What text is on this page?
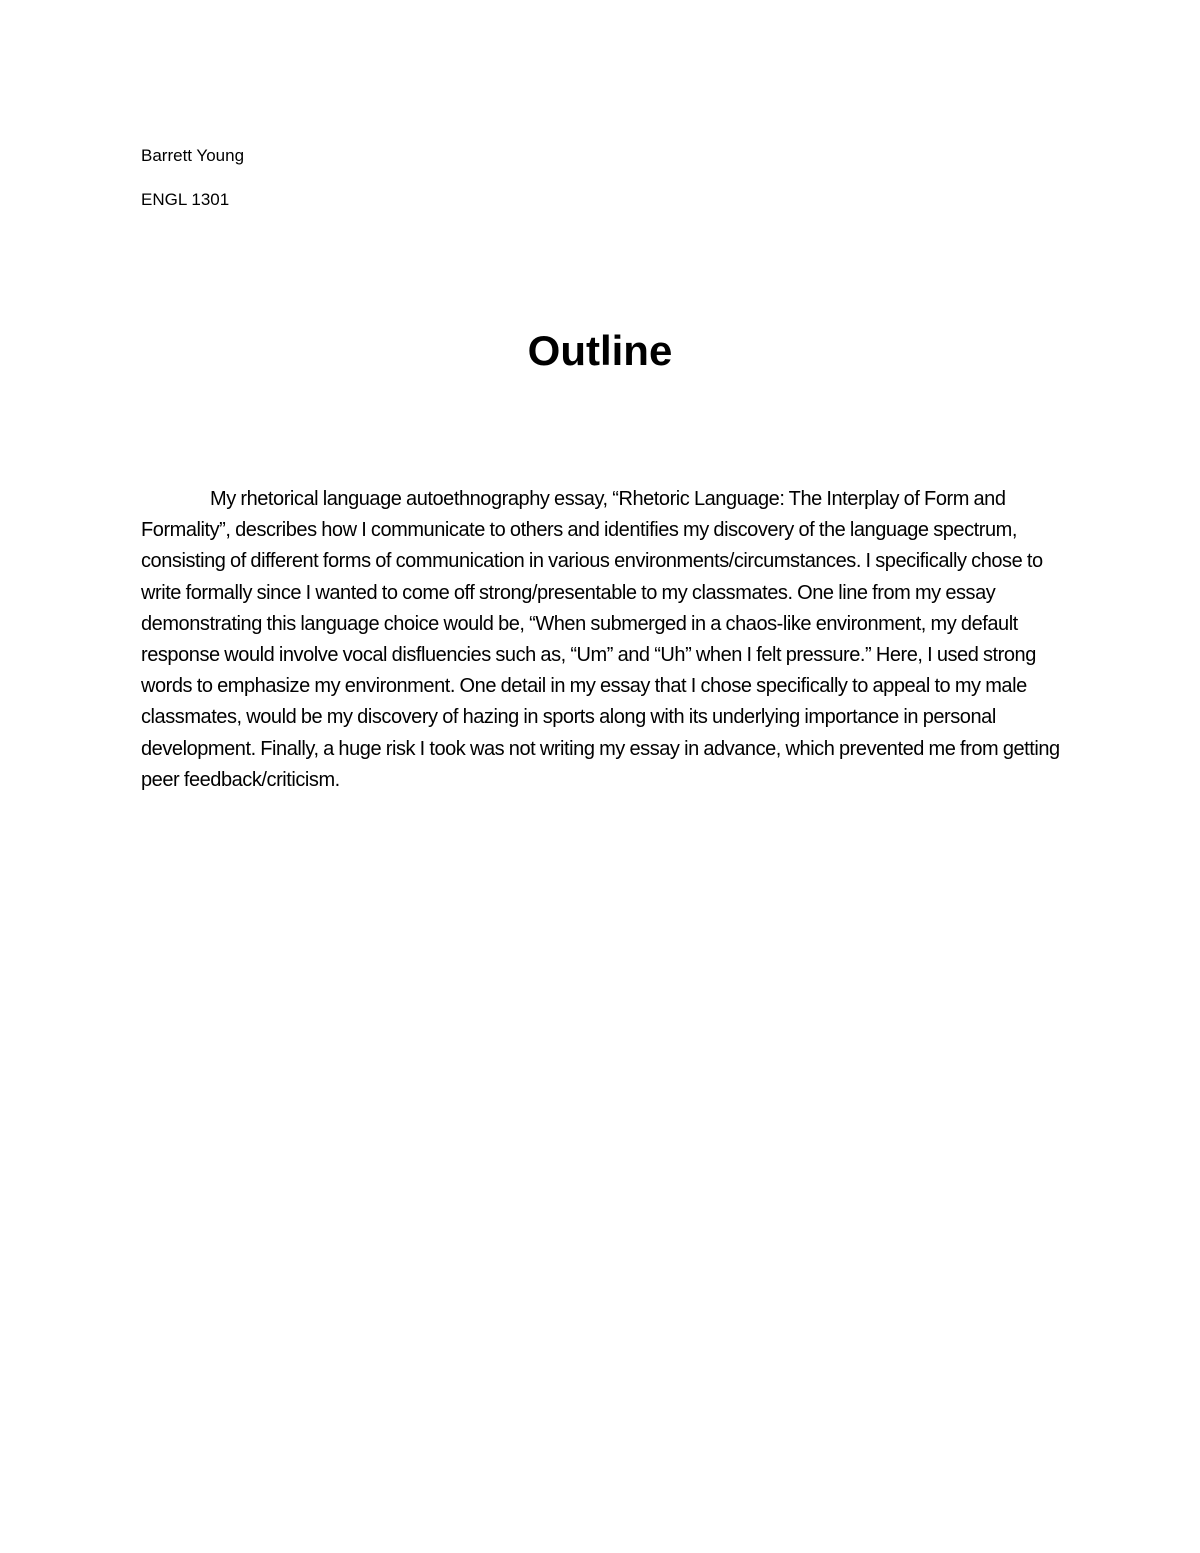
Barrett Young
ENGL 1301
Outline

My rhetorical language autoethnography essay, “Rhetoric Language: The Interplay of Form and Formality”, describes how I communicate to others and identifies my discovery of the language spectrum, consisting of different forms of communication in various environments/circumstances. I specifically chose to write formally since I wanted to come off strong/presentable to my classmates. One line from my essay demonstrating this language choice would be, “When submerged in a chaos-like environment, my default response would involve vocal disfluencies such as, “Um” and “Uh” when I felt pressure.” Here, I used strong words to emphasize my environment. One detail in my essay that I chose specifically to appeal to my male classmates, would be my discovery of hazing in sports along with its underlying importance in personal development. Finally, a huge risk I took was not writing my essay in advance, which prevented me from getting peer feedback/criticism.
